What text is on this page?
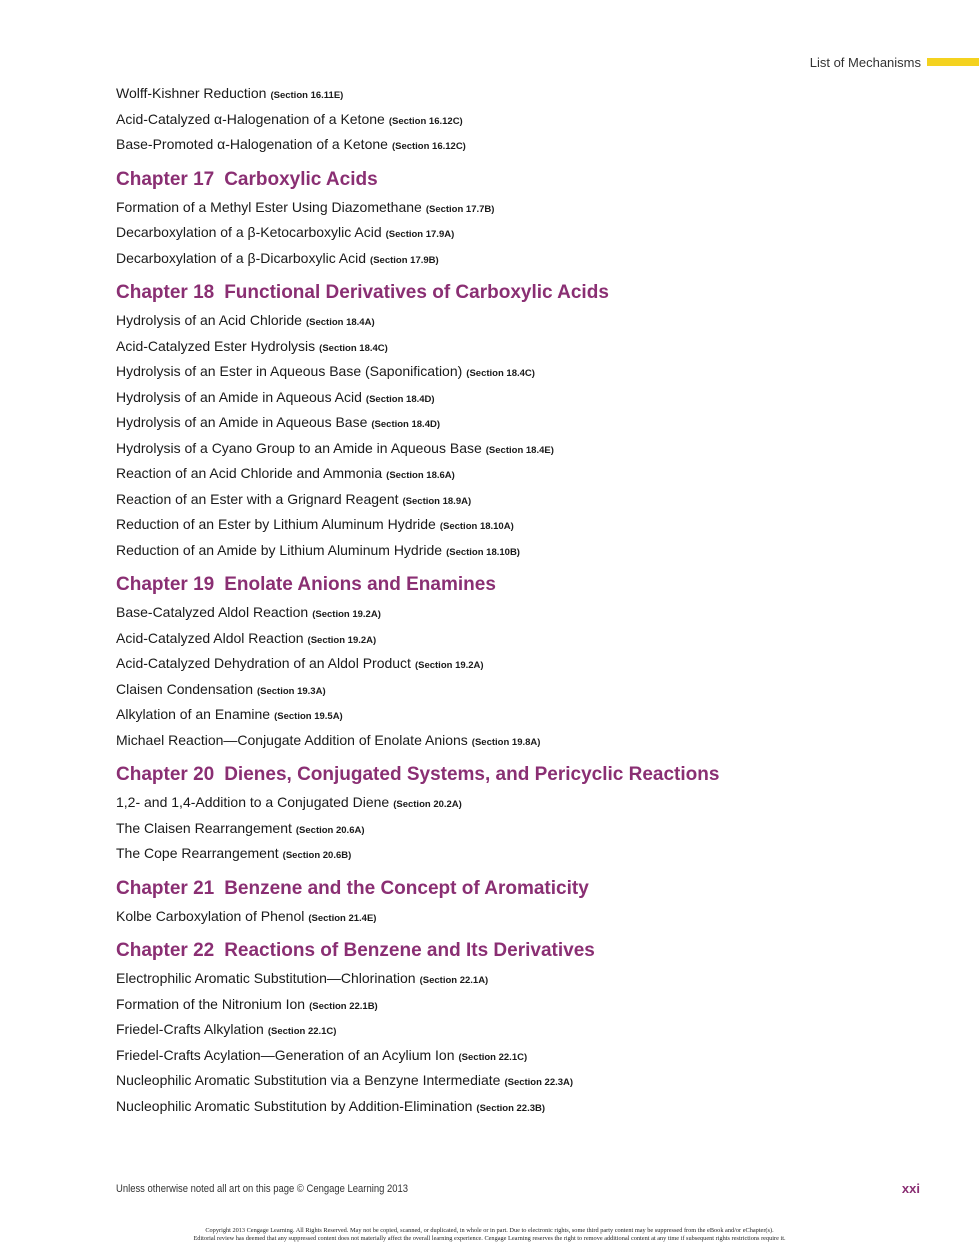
List of Mechanisms
Wolff-Kishner Reduction (Section 16.11E)
Acid-Catalyzed α-Halogenation of a Ketone (Section 16.12C)
Base-Promoted α-Halogenation of a Ketone (Section 16.12C)
Chapter 17 Carboxylic Acids
Formation of a Methyl Ester Using Diazomethane (Section 17.7B)
Decarboxylation of a β-Ketocarboxylic Acid (Section 17.9A)
Decarboxylation of a β-Dicarboxylic Acid (Section 17.9B)
Chapter 18 Functional Derivatives of Carboxylic Acids
Hydrolysis of an Acid Chloride (Section 18.4A)
Acid-Catalyzed Ester Hydrolysis (Section 18.4C)
Hydrolysis of an Ester in Aqueous Base (Saponification) (Section 18.4C)
Hydrolysis of an Amide in Aqueous Acid (Section 18.4D)
Hydrolysis of an Amide in Aqueous Base (Section 18.4D)
Hydrolysis of a Cyano Group to an Amide in Aqueous Base (Section 18.4E)
Reaction of an Acid Chloride and Ammonia (Section 18.6A)
Reaction of an Ester with a Grignard Reagent (Section 18.9A)
Reduction of an Ester by Lithium Aluminum Hydride (Section 18.10A)
Reduction of an Amide by Lithium Aluminum Hydride (Section 18.10B)
Chapter 19 Enolate Anions and Enamines
Base-Catalyzed Aldol Reaction (Section 19.2A)
Acid-Catalyzed Aldol Reaction (Section 19.2A)
Acid-Catalyzed Dehydration of an Aldol Product (Section 19.2A)
Claisen Condensation (Section 19.3A)
Alkylation of an Enamine (Section 19.5A)
Michael Reaction—Conjugate Addition of Enolate Anions (Section 19.8A)
Chapter 20 Dienes, Conjugated Systems, and Pericyclic Reactions
1,2- and 1,4-Addition to a Conjugated Diene (Section 20.2A)
The Claisen Rearrangement (Section 20.6A)
The Cope Rearrangement (Section 20.6B)
Chapter 21 Benzene and the Concept of Aromaticity
Kolbe Carboxylation of Phenol (Section 21.4E)
Chapter 22 Reactions of Benzene and Its Derivatives
Electrophilic Aromatic Substitution—Chlorination (Section 22.1A)
Formation of the Nitronium Ion (Section 22.1B)
Friedel-Crafts Alkylation (Section 22.1C)
Friedel-Crafts Acylation—Generation of an Acylium Ion (Section 22.1C)
Nucleophilic Aromatic Substitution via a Benzyne Intermediate (Section 22.3A)
Nucleophilic Aromatic Substitution by Addition-Elimination (Section 22.3B)
Unless otherwise noted all art on this page © Cengage Learning 2013	xxi
Copyright 2013 Cengage Learning. All Rights Reserved. May not be copied, scanned, or duplicated, in whole or in part. Due to electronic rights, some third party content may be suppressed from the eBook and/or eChapter(s).
Editorial review has deemed that any suppressed content does not materially affect the overall learning experience. Cengage Learning reserves the right to remove additional content at any time if subsequent rights restrictions require it.
